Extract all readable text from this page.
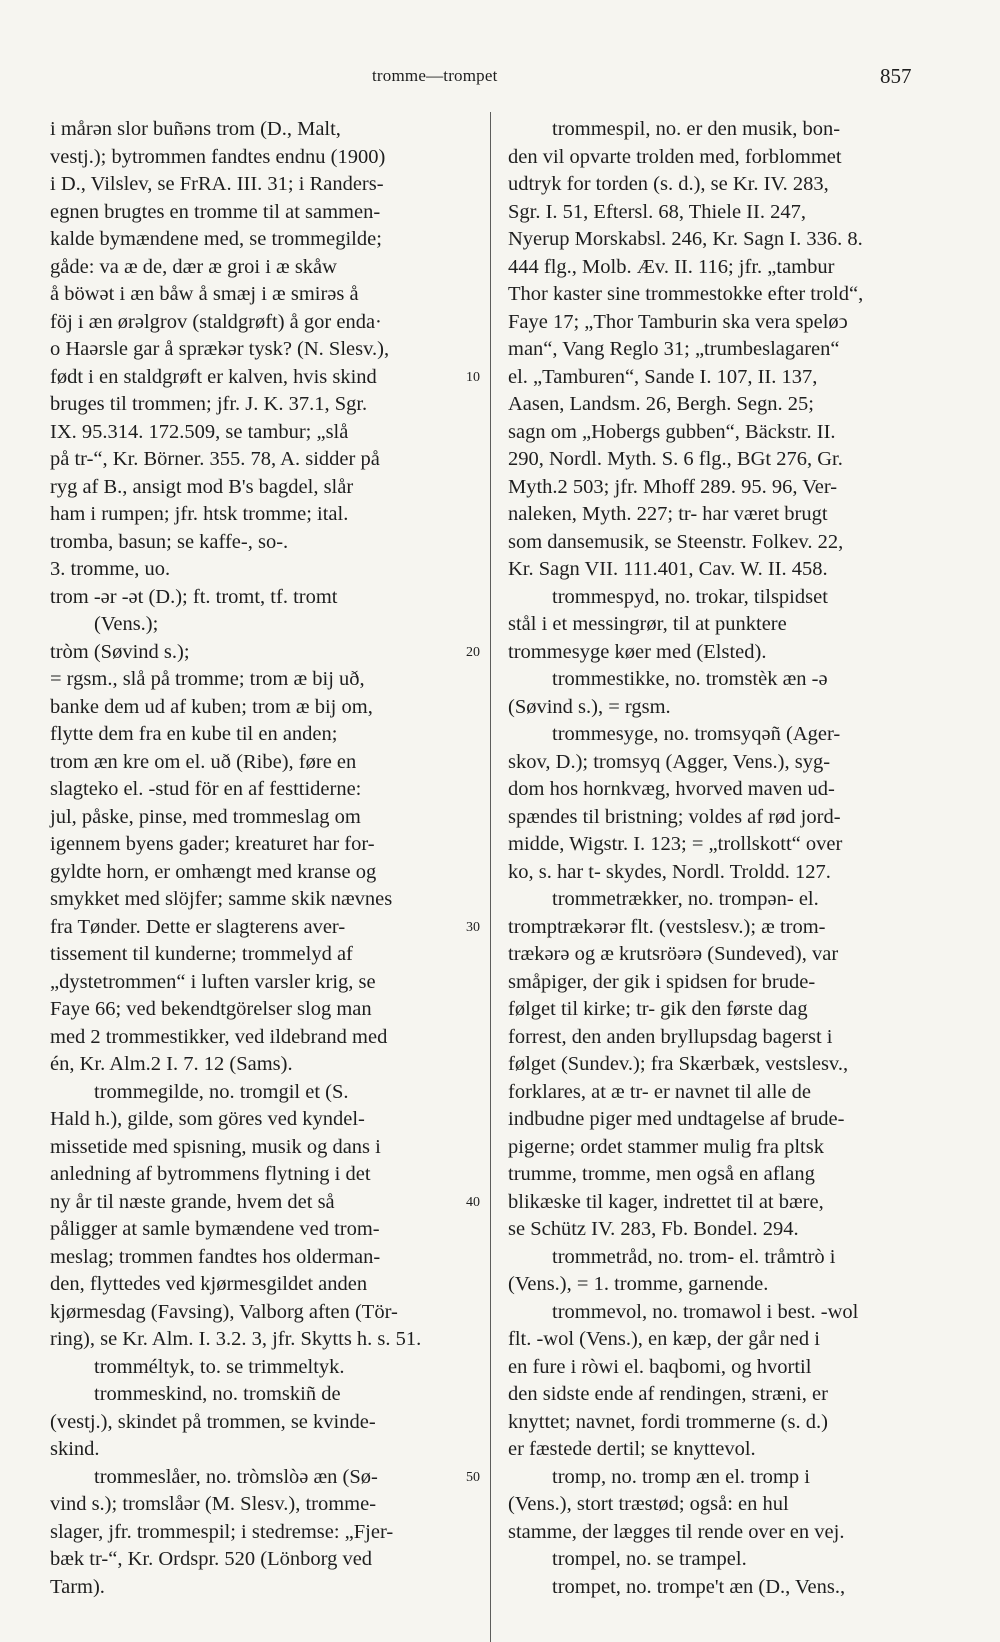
tromme—trompet	857
i mårən slor buñəns trom (D., Malt,
vestj.); bytrommen fandtes endnu (1900)
i D., Vilslev, se FrRA. III. 31; i Randers-
egnen brugtes en tromme til at sammen-
kalde bymændene med, se trommegilde;
gåde: va æ de, dær æ groi i æ skåw
å böwət i æn båw å smæj i æ smirəs å
föj i æn ørəlgrov (staldgrøft) å gor enda·
o Haərsle gar å sprækər tysk? (N. Slesv.),
født i en staldgrøft er kalven, hvis skind
bruges til trommen; jfr. J. K. 37.1, Sgr.
IX. 95.314. 172.509, se tambur; „slå
på tr-“, Kr. Börner. 355. 78, A. sidder på
ryg af B., ansigt mod B's bagdel, slår
ham i rumpen; jfr. htsk tromme; ital.
tromba, basun; se kaffe-, so-.
3. tromme, uo.
trom -ər -ət (D.); ft. tromt, tf. tromt
(Vens.);
tròm (Søvind s.);
= rgsm., slå på tromme; trom æ bij uð,
banke dem ud af kuben; trom æ bij om,
flytte dem fra en kube til en anden;
trom æn kre om el. uð (Ribe), føre en
slagteko el. -stud för en af festtiderne:
jul, påske, pinse, med trommeslag om
igennem byens gader; kreaturet har for-
gyldte horn, er omhængt med kranse og
smykket med slöjfer; samme skik nævnes
fra Tønder. Dette er slagterens aver-
tissement til kunderne; trommelyd af
„dystetrommen“ i luften varsler krig, se
Faye 66; ved bekendtgörelser slog man
med 2 trommestikker, ved ildebrand med
én, Kr. Alm.2 I. 7. 12 (Sams).
trommegilde, no. tromgil et (S.
Hald h.), gilde, som göres ved kyndel-
missetide med spisning, musik og dans i
anledning af bytrommens flytning i det
ny år til næste grande, hvem det så
påligger at samle bymændene ved trom-
meslag; trommen fandtes hos olderman-
den, flyttedes ved kjørmesgildet anden
kjørmesdag (Favsing), Valborg aften (Tör-
ring), se Kr. Alm. I. 3.2. 3, jfr. Skytts h. s. 51.
tromméltyk, to. se trimmeltyk.
trommeskind, no. tromskiñ de
(vestj.), skindet på trommen, se kvinde-
skind.
trommeslåer, no. tròmslòə æn (Sø-
vind s.); tromslåər (M. Slesv.), tromme-
slager, jfr. trommespil; i stedremse: „Fjer-
bæk tr-“, Kr. Ordspr. 520 (Lönborg ved
Tarm).
10
20
30
40
50
trommespil, no. er den musik, bon-
den vil opvarte trolden med, forblommet
udtryk for torden (s. d.), se Kr. IV. 283,
Sgr. I. 51, Eftersl. 68, Thiele II. 247,
Nyerup Morskabsl. 246, Kr. Sagn I. 336. 8.
444 flg., Molb. Æv. II. 116; jfr. „tambur
Thor kaster sine trommestokke efter trold“,
Faye 17; „Thor Tamburin ska vera speløↄ
man“, Vang Reglo 31; „trumbeslagaren“
el. „Tamburen“, Sande I. 107, II. 137,
Aasen, Landsm. 26, Bergh. Segn. 25;
sagn om „Hobergs gubben“, Bäckstr. II.
290, Nordl. Myth. S. 6 flg., BGt 276, Gr.
Myth.2 503; jfr. Mhoff 289. 95. 96, Ver-
naleken, Myth. 227; tr- har været brugt
som dansemusik, se Steenstr. Folkev. 22,
Kr. Sagn VII. 111.401, Cav. W. II. 458.
trommespyd, no. trokar, tilspidset
stål i et messingrør, til at punktere
trommesyge køer med (Elsted).
trommestikke, no. tromstèk æn -ə
(Søvind s.), = rgsm.
trommesyge, no. tromsyqəñ (Ager-
skov, D.); tromsyq (Agger, Vens.), syg-
dom hos hornkvæg, hvorved maven ud-
spændes til bristning; voldes af rød jord-
midde, Wigstr. I. 123; = „trollskott“ over
ko, s. har t- skydes, Nordl. Troldd. 127.
trommetrækker, no. trompən- el.
tromptrækərər flt. (vestslesv.); æ trom-
trækərə og æ krutsröərə (Sundeved), var
småpiger, der gik i spidsen for brude-
følget til kirke; tr- gik den første dag
forrest, den anden bryllupsdag bagerst i
følget (Sundev.); fra Skærbæk, vestslesv.,
forklares, at æ tr- er navnet til alle de
indbudne piger med undtagelse af brude-
pigerne; ordet stammer mulig fra pltsk
trumme, tromme, men også en aflang
blikæske til kager, indrettet til at bære,
se Schütz IV. 283, Fb. Bondel. 294.
trommetråd, no. trom- el. tråmtrò i
(Vens.), = 1. tromme, garnende.
trommevol, no. tromawol i best. -wol
flt. -wol (Vens.), en kæp, der går ned i
en fure i ròwi el. baqbomi, og hvortil
den sidste ende af rendingen, stræni, er
knyttet; navnet, fordi trommerne (s. d.)
er fæstede dertil; se knyttevol.
tromp, no. tromp æn el. tromp i
(Vens.), stort træstød; også: en hul
stamme, der lægges til rende over en vej.
trompel, no. se trampel.
trompet, no. trompe't æn (D., Vens.,
